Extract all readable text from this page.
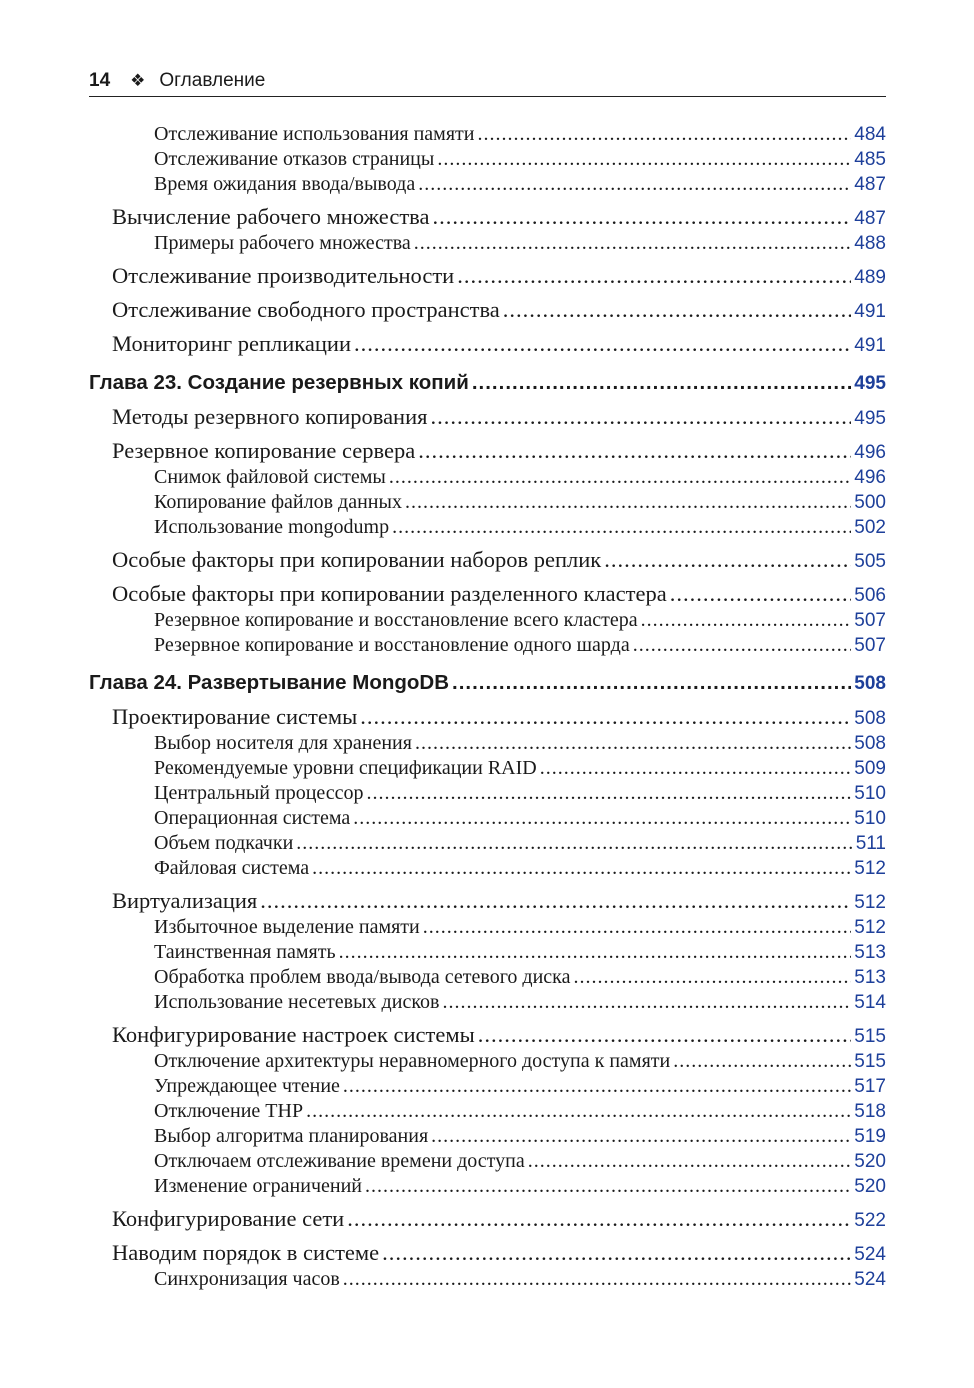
14 ❖ Оглавление
Отслеживание использования памяти .....	484
Отслеживание отказов страницы .....	485
Время ожидания ввода/вывода .....	487
Вычисление рабочего множества .....	487
Примеры рабочего множества .....	488
Отслеживание производительности .....	489
Отслеживание свободного пространства .....	491
Мониторинг репликации .....	491
Глава 23. Создание резервных копий .....	495
Методы резервного копирования .....	495
Резервное копирование сервера .....	496
Снимок файловой системы .....	496
Копирование файлов данных .....	500
Использование mongodump .....	502
Особые факторы при копировании наборов реплик .....	505
Особые факторы при копировании разделенного кластера .....	506
Резервное копирование и восстановление всего кластера .....	507
Резервное копирование и восстановление одного шарда .....	507
Глава 24. Развертывание MongoDB .....	508
Проектирование системы .....	508
Выбор носителя для хранения .....	508
Рекомендуемые уровни спецификации RAID .....	509
Центральный процессор .....	510
Операционная система .....	510
Объем подкачки .....	511
Файловая система .....	512
Виртуализация .....	512
Избыточное выделение памяти .....	512
Таинственная память .....	513
Обработка проблем ввода/вывода сетевого диска .....	513
Использование несетевых дисков .....	514
Конфигурирование настроек системы .....	515
Отключение архитектуры неравномерного доступа к памяти .....	515
Упреждающее чтение .....	517
Отключение THP .....	518
Выбор алгоритма планирования .....	519
Отключаем отслеживание времени доступа .....	520
Изменение ограничений .....	520
Конфигурирование сети .....	522
Наводим порядок в системе .....	524
Синхронизация часов .....	524
